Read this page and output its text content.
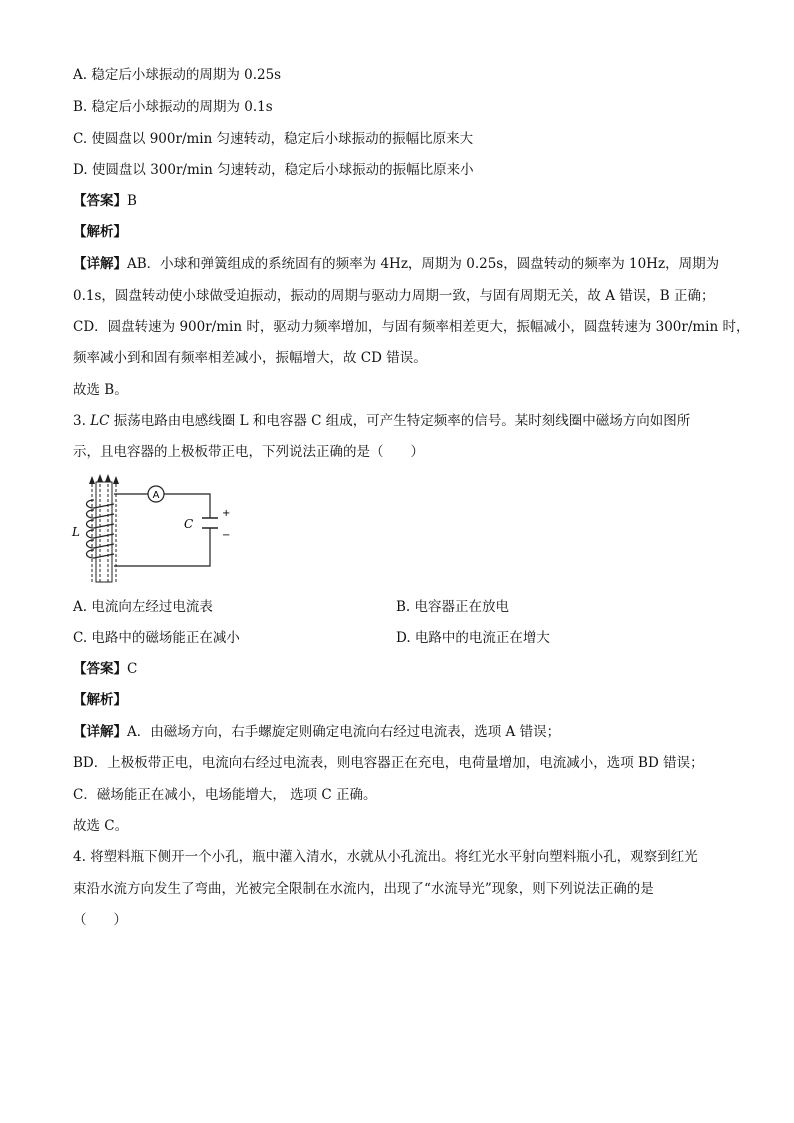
A. 稳定后小球振动的周期为 0.25s
B. 稳定后小球振动的周期为 0.1s
C. 使圆盘以 900r/min 匀速转动，稳定后小球振动的振幅比原来大
D. 使圆盘以 300r/min 匀速转动，稳定后小球振动的振幅比原来小
【答案】B
【解析】
【详解】AB．小球和弹簧组成的系统固有的频率为 4Hz，周期为 0.25s，圆盘转动的频率为 10Hz，周期为
0.1s，圆盘转动使小球做受迫振动，振动的周期与驱动力周期一致，与固有周期无关，故 A 错误，B 正确；
CD．圆盘转速为 900r/min 时，驱动力频率增加，与固有频率相差更大，振幅减小，圆盘转速为 300r/min 时，
频率减小到和固有频率相差减小，振幅增大，故 CD 错误。
故选 B。
3. LC 振荡电路由电感线圈 L 和电容器 C 组成，可产生特定频率的信号。某时刻线圈中磁场方向如图所
示，且电容器的上极板带正电，下列说法正确的是（　　）
A
+
−
C
L
A. 电流向左经过电流表	B. 电容器正在放电
C. 电路中的磁场能正在减小	D. 电路中的电流正在增大
【答案】C
【解析】
【详解】A．由磁场方向，右手螺旋定则确定电流向右经过电流表，选项 A 错误；
BD．上极板带正电，电流向右经过电流表，则电容器正在充电，电荷量增加，电流减小，选项 BD 错误；
C．磁场能正在减小，电场能增大， 选项 C 正确。
故选 C。
4. 将塑料瓶下侧开一个小孔，瓶中灌入清水，水就从小孔流出。将红光水平射向塑料瓶小孔，观察到红光
束沿水流方向发生了弯曲，光被完全限制在水流内，出现了“水流导光”现象，则下列说法正确的是
（　　）
